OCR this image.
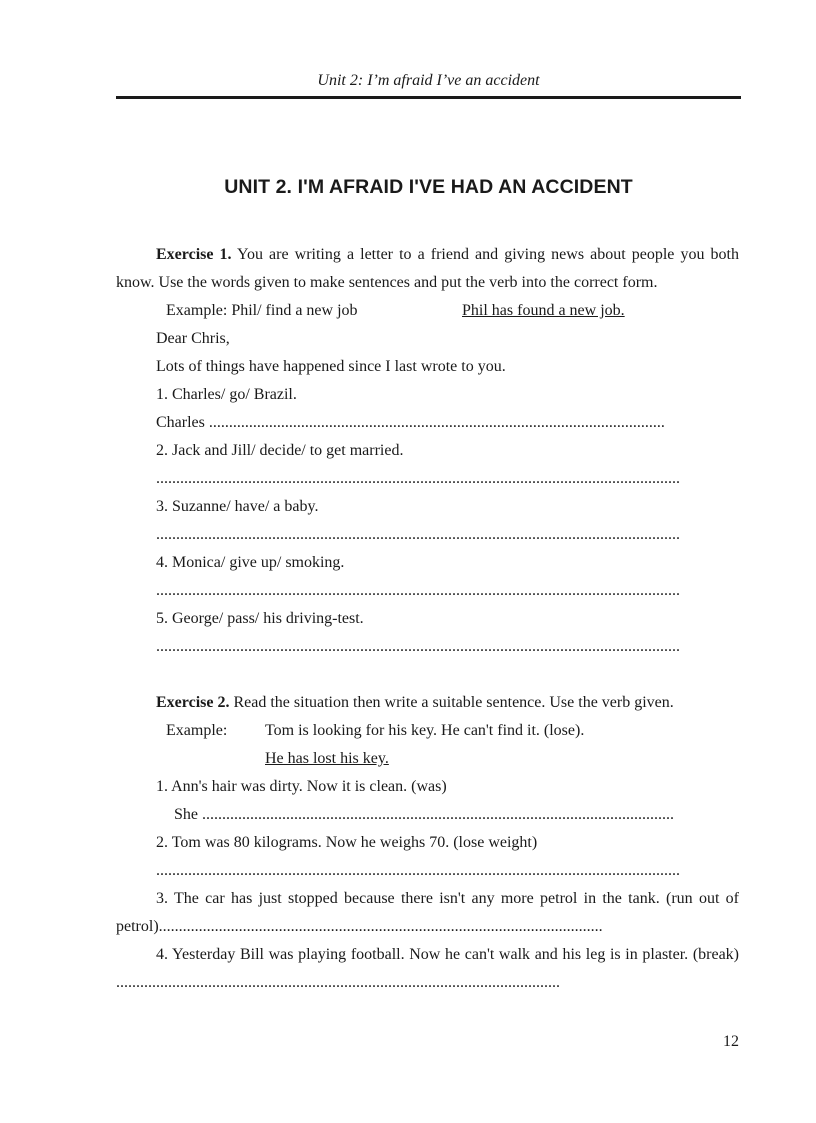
Unit 2: I’m afraid I’ve an accident
UNIT 2. I'M AFRAID I'VE HAD AN ACCIDENT

Exercise 1. You are writing a letter to a friend and giving news about people you both know. Use the words given to make sentences and put the verb into the correct form.

Example: Phil/ find a new job	Phil has found a new job.

Dear Chris,

Lots of things have happened since I last wrote to you.

1. Charles/ go/ Brazil.

Charles ..................................................................................................................

2. Jack and Jill/ decide/ to get married.

...................................................................................................................................

3. Suzanne/ have/ a baby.

...................................................................................................................................

4. Monica/ give up/ smoking.

...................................................................................................................................

5. George/ pass/ his driving-test.

...................................................................................................................................

Exercise 2. Read the situation then write a suitable sentence. Use the verb given.

Example:	Tom is looking for his key. He can't find it. (lose).
He has lost his key.

1. Ann's hair was dirty. Now it is clean. (was)

She ......................................................................................................................

2. Tom was 80 kilograms. Now he weighs 70. (lose weight)

...................................................................................................................................

3. The car has just stopped because there isn't any more petrol in the tank. (run out of petrol)...............................................................................................................

4. Yesterday Bill was playing football. Now he can't walk and his leg is in plaster. (break) ...............................................................................................................

12
